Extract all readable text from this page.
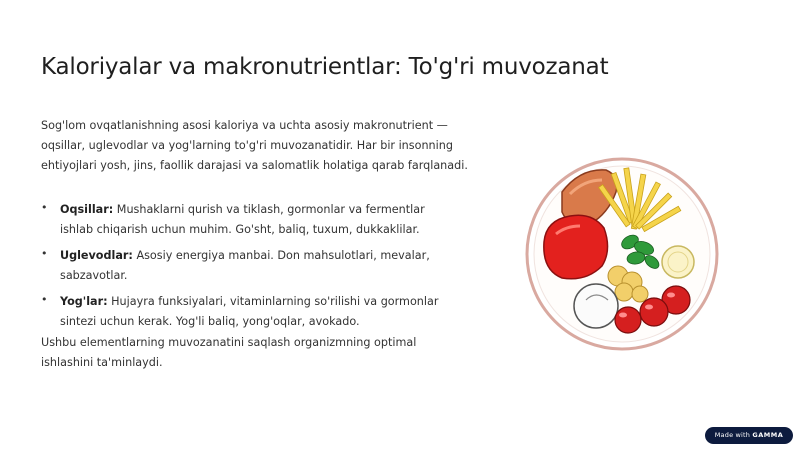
Kaloriyalar va makronutrientlar: To'g'ri muvozanat

Sog'lom ovqatlanishning asosi kaloriya va uchta asosiy makronutrient — oqsillar, uglevodlar va yog'larning to'g'ri muvozanatidir. Har bir insonning ehtiyojlari yosh, jins, faollik darajasi va salomatlik holatiga qarab farqlanadi.

• Oqsillar: Mushaklarni qurish va tiklash, gormonlar va fermentlar ishlab chiqarish uchun muhim. Go'sht, baliq, tuxum, dukkaklilar.
• Uglevodlar: Asosiy energiya manbai. Don mahsulotlari, mevalar, sabzavotlar.
• Yog'lar: Hujayra funksiyalari, vitaminlarning so'rilishi va gormonlar sintezi uchun kerak. Yog'li baliq, yong'oqlar, avokado.

Ushbu elementlarning muvozanatini saqlash organizmning optimal ishlashini ta'minlaydi.

Made with GAMMA
